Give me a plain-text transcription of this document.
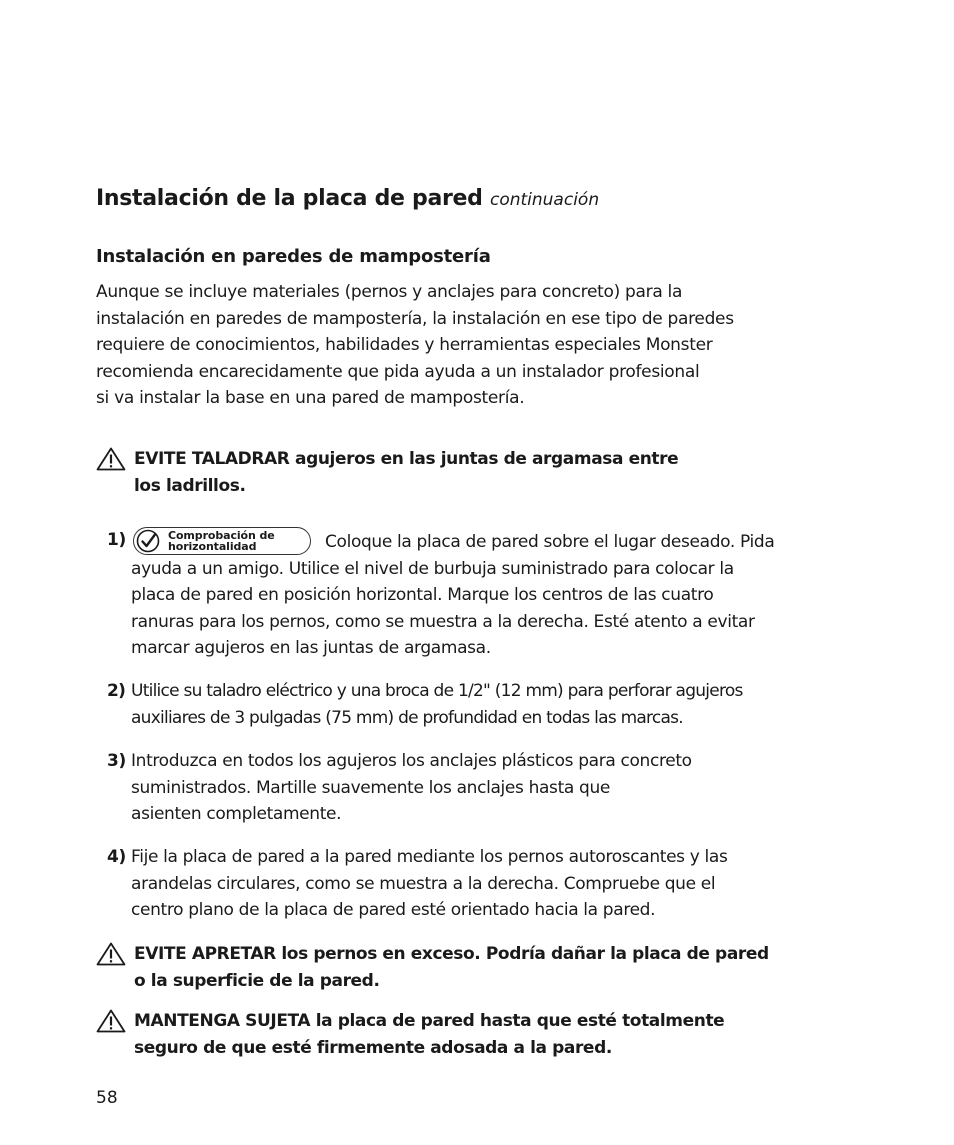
Instalación de la placa de pared continuación
Instalación en paredes de mampostería
Aunque se incluye materiales (pernos y anclajes para concreto) para la
instalación en paredes de mampostería, la instalación en ese tipo de paredes
requiere de conocimientos, habilidades y herramientas especiales Monster
recomienda encarecidamente que pida ayuda a un instalador profesional
si va instalar la base en una pared de mampostería.
EVITE TALADRAR agujeros en las juntas de argamasa entre
los ladrillos.
1)	Comprobación de
horizontalidad	Coloque la placa de pared sobre el lugar deseado. Pida
ayuda a un amigo. Utilice el nivel de burbuja suministrado para colocar la
placa de pared en posición horizontal. Marque los centros de las cuatro
ranuras para los pernos, como se muestra a la derecha. Esté atento a evitar
marcar agujeros en las juntas de argamasa.
2) Utilice su taladro eléctrico y una broca de 1/2" (12 mm) para perforar agujeros
auxiliares de 3 pulgadas (75 mm) de profundidad en todas las marcas.
3) Introduzca en todos los agujeros los anclajes plásticos para concreto
suministrados. Martille suavemente los anclajes hasta que
asienten completamente.
4) Fije la placa de pared a la pared mediante los pernos autoroscantes y las
arandelas circulares, como se muestra a la derecha. Compruebe que el
centro plano de la placa de pared esté orientado hacia la pared.
EVITE APRETAR los pernos en exceso. Podría dañar la placa de pared
o la superficie de la pared.
MANTENGA SUJETA la placa de pared hasta que esté totalmente
seguro de que esté firmemente adosada a la pared.
58
